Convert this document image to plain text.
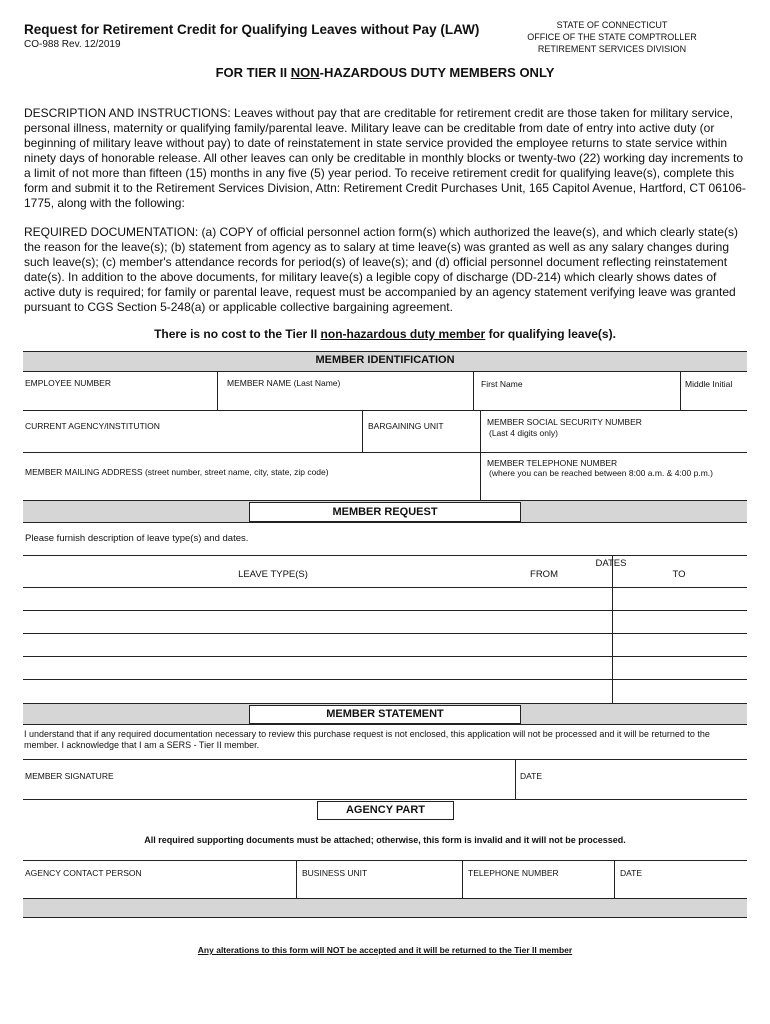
Request for Retirement Credit for Qualifying Leaves without Pay (LAW)
CO-988 Rev. 12/2019
STATE OF CONNECTICUT
OFFICE OF THE STATE COMPTROLLER
RETIREMENT SERVICES DIVISION
FOR TIER II NON-HAZARDOUS DUTY MEMBERS ONLY
DESCRIPTION AND INSTRUCTIONS: Leaves without pay that are creditable for retirement credit are those taken for military service, personal illness, maternity or qualifying family/parental leave. Military leave can be creditable from date of entry into active duty (or beginning of military leave without pay) to date of reinstatement in state service provided the employee returns to state service within ninety days of honorable release. All other leaves can only be creditable in monthly blocks or twenty-two (22) working day increments to a limit of not more than fifteen (15) months in any five (5) year period. To receive retirement credit for qualifying leave(s), complete this form and submit it to the Retirement Services Division, Attn: Retirement Credit Purchases Unit, 165 Capitol Avenue, Hartford, CT 06106-1775, along with the following:
REQUIRED DOCUMENTATION: (a) COPY of official personnel action form(s) which authorized the leave(s), and which clearly state(s) the reason for the leave(s); (b) statement from agency as to salary at time leave(s) was granted as well as any salary changes during such leave(s); (c) member's attendance records for period(s) of leave(s); and (d) official personnel document reflecting reinstatement date(s). In addition to the above documents, for military leave(s) a legible copy of discharge (DD-214) which clearly shows dates of active duty is required; for family or parental leave, request must be accompanied by an agency statement verifying leave was granted pursuant to CGS Section 5-248(a) or applicable collective bargaining agreement.
There is no cost to the Tier II non-hazardous duty member for qualifying leave(s).
MEMBER IDENTIFICATION
EMPLOYEE NUMBER	MEMBER NAME (Last Name)	First Name	Middle Initial
CURRENT AGENCY/INSTITUTION	BARGAINING UNIT	MEMBER SOCIAL SECURITY NUMBER
(Last 4 digits only)
MEMBER MAILING ADDRESS (street number, street name, city, state, zip code)
MEMBER TELEPHONE NUMBER
(where you can be reached between 8:00 a.m. & 4:00 p.m.)
MEMBER REQUEST
Please furnish description of leave type(s) and dates.
LEAVE TYPE(S)
DATES
FROM	TO
MEMBER STATEMENT
I understand that if any required documentation necessary to review this purchase request is not enclosed, this application will not be processed and it will be returned to the member. I acknowledge that I am a SERS - Tier II member.
MEMBER SIGNATURE	DATE
AGENCY PART
All required supporting documents must be attached; otherwise, this form is invalid and it will not be processed.
AGENCY CONTACT PERSON	BUSINESS UNIT	TELEPHONE NUMBER	DATE
Any alterations to this form will NOT be accepted and it will be returned to the Tier II member
